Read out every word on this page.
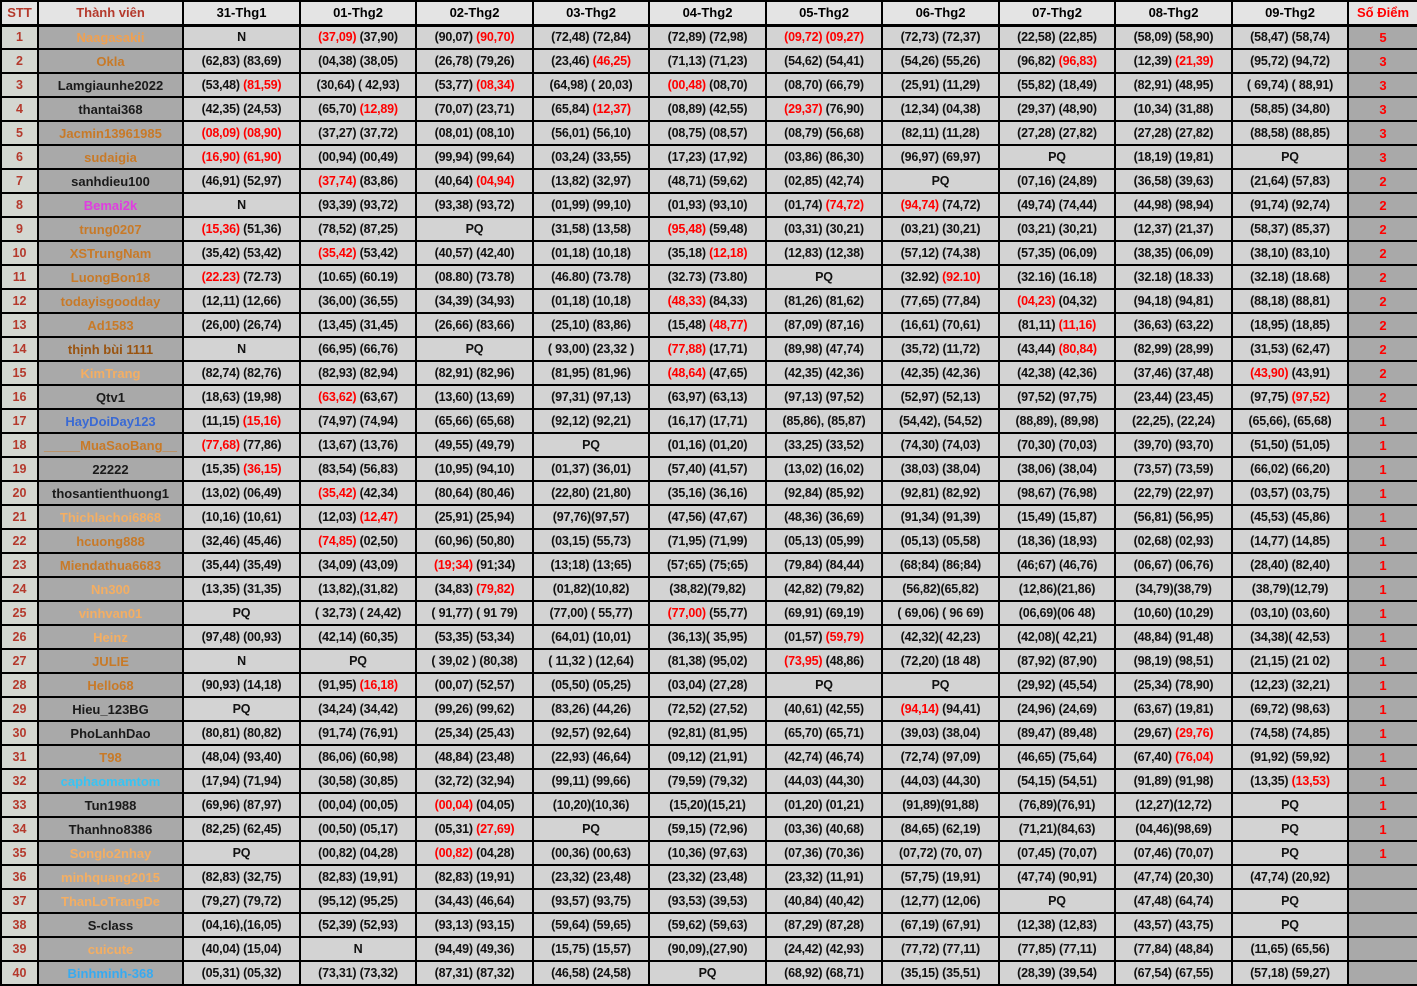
STT	Thành viên	31-Thg1	01-Thg2	02-Thg2	03-Thg2	04-Thg2	05-Thg2	06-Thg2	07-Thg2	08-Thg2	09-Thg2	Số Điểm
1	Naagasakii	N	(37,09) (37,90)	(90,07) (90,70)	(72,48) (72,84)	(72,89) (72,98)	(09,72) (09,27)	(72,73) (72,37)	(22,58) (22,85)	(58,09) (58,90)	(58,47) (58,74)	5
2	Okla	(62,83) (83,69)	(04,38) (38,05)	(26,78) (79,26)	(23,46) (46,25)	(71,13) (71,23)	(54,62) (54,41)	(54,26) (55,26)	(96,82) (96,83)	(12,39) (21,39)	(95,72) (94,72)	3
3	Lamgiaunhe2022	(53,48) (81,59)	(30,64) ( 42,93)	(53,77) (08,34)	(64,98) ( 20,03)	(00,48) (08,70)	(08,70) (66,79)	(25,91) (11,29)	(55,82) (18,49)	(82,91) (48,95)	( 69,74) ( 88,91)	3
4	thantai368	(42,35) (24,53)	(65,70) (12,89)	(70,07) (23,71)	(65,84) (12,37)	(08,89) (42,55)	(29,37) (76,90)	(12,34) (04,38)	(29,37) (48,90)	(10,34) (31,88)	(58,85) (34,80)	3
5	Jacmin13961985	(08,09) (08,90)	(37,27) (37,72)	(08,01) (08,10)	(56,01) (56,10)	(08,75) (08,57)	(08,79) (56,68)	(82,11) (11,28)	(27,28) (27,82)	(27,28) (27,82)	(88,58) (88,85)	3
6	sudaigia	(16,90) (61,90)	(00,94) (00,49)	(99,94) (99,64)	(03,24) (33,55)	(17,23) (17,92)	(03,86) (86,30)	(96,97) (69,97)	PQ	(18,19) (19,81)	PQ	3
7	sanhdieu100	(46,91) (52,97)	(37,74) (83,86)	(40,64) (04,94)	(13,82) (32,97)	(48,71) (59,62)	(02,85) (42,74)	PQ	(07,16) (24,89)	(36,58) (39,63)	(21,64) (57,83)	2
8	Bemai2k	N	(93,39) (93,72)	(93,38) (93,72)	(01,99) (99,10)	(01,93) (93,10)	(01,74) (74,72)	(94,74) (74,72)	(49,74) (74,44)	(44,98) (98,94)	(91,74) (92,74)	2
9	trung0207	(15,36) (51,36)	(78,52) (87,25)	PQ	(31,58) (13,58)	(95,48) (59,48)	(03,31) (30,21)	(03,21) (30,21)	(03,21) (30,21)	(12,37) (21,37)	(58,37) (85,37)	2
10	XSTrungNam	(35,42) (53,42)	(35,42) (53,42)	(40,57) (42,40)	(01,18) (10,18)	(35,18) (12,18)	(12,83) (12,38)	(57,12) (74,38)	(57,35) (06,09)	(38,35) (06,09)	(38,10) (83,10)	2
11	LuongBon18	(22.23) (72.73)	(10.65) (60.19)	(08.80) (73.78)	(46.80) (73.78)	(32.73) (73.80)	PQ	(32.92) (92.10)	(32.16) (16.18)	(32.18) (18.33)	(32.18) (18.68)	2
12	todayisgoodday	(12,11) (12,66)	(36,00) (36,55)	(34,39) (34,93)	(01,18) (10,18)	(48,33) (84,33)	(81,26) (81,62)	(77,65) (77,84)	(04,23) (04,32)	(94,18) (94,81)	(88,18) (88,81)	2
13	Ad1583	(26,00) (26,74)	(13,45) (31,45)	(26,66) (83,66)	(25,10) (83,86)	(15,48) (48,77)	(87,09) (87,16)	(16,61) (70,61)	(81,11) (11,16)	(36,63) (63,22)	(18,95) (18,85)	2
14	thịnh bùi 1111	N	(66,95) (66,76)	PQ	( 93,00) (23,32 )	(77,88) (17,71)	(89,98) (47,74)	(35,72) (11,72)	(43,44) (80,84)	(82,99) (28,99)	(31,53) (62,47)	2
15	KimTrang	(82,74) (82,76)	(82,93) (82,94)	(82,91) (82,96)	(81,95) (81,96)	(48,64) (47,65)	(42,35) (42,36)	(42,35) (42,36)	(42,38) (42,36)	(37,46) (37,48)	(43,90) (43,91)	2
16	Qtv1	(18,63) (19,98)	(63,62) (63,67)	(13,60) (13,69)	(97,31) (97,13)	(63,97) (63,13)	(97,13) (97,52)	(52,97) (52,13)	(97,52) (97,75)	(23,44) (23,45)	(97,75) (97,52)	2
17	HayDoiDay123	(11,15) (15,16)	(74,97) (74,94)	(65,66) (65,68)	(92,12) (92,21)	(16,17) (17,71)	(85,86), (85,87)	(54,42), (54,52)	(88,89), (89,98)	(22,25), (22,24)	(65,66), (65,68)	1
18	_____MuaSaoBang__	(77,68) (77,86)	(13,67) (13,76)	(49,55) (49,79)	PQ	(01,16) (01,20)	(33,25) (33,52)	(74,30) (74,03)	(70,30) (70,03)	(39,70) (93,70)	(51,50) (51,05)	1
19	22222	(15,35) (36,15)	(83,54) (56,83)	(10,95) (94,10)	(01,37) (36,01)	(57,40) (41,57)	(13,02) (16,02)	(38,03) (38,04)	(38,06) (38,04)	(73,57) (73,59)	(66,02) (66,20)	1
20	thosantienthuong1	(13,02) (06,49)	(35,42) (42,34)	(80,64) (80,46)	(22,80) (21,80)	(35,16) (36,16)	(92,84) (85,92)	(92,81) (82,92)	(98,67) (76,98)	(22,79) (22,97)	(03,57) (03,75)	1
21	Thichlachoi6868	(10,16) (10,61)	(12,03) (12,47)	(25,91) (25,94)	(97,76)(97,57)	(47,56) (47,67)	(48,36) (36,69)	(91,34) (91,39)	(15,49) (15,87)	(56,81) (56,95)	(45,53) (45,86)	1
22	hcuong888	(32,46) (45,46)	(74,85) (02,50)	(60,96) (50,80)	(03,15) (55,73)	(71,95) (71,99)	(05,13) (05,99)	(05,13) (05,58)	(18,36) (18,93)	(02,68) (02,93)	(14,77) (14,85)	1
23	Miendathua6683	(35,44) (35,49)	(34,09) (43,09)	(19;34) (91;34)	(13;18) (13;65)	(57;65) (75;65)	(79,84) (84,44)	(68;84) (86;84)	(46;67) (46,76)	(06,67) (06,76)	(28,40) (82,40)	1
24	Nn300	(13,35) (31,35)	(13,82),(31,82)	(34,83) (79,82)	(01,82)(10,82)	(38,82)(79,82)	(42,82) (79,82)	(56,82)(65,82)	(12,86)(21,86)	(34,79)(38,79)	(38,79)(12,79)	1
25	vinhvan01	PQ	( 32,73) ( 24,42)	( 91,77) ( 91 79)	(77,00) ( 55,77)	(77,00) (55,77)	(69,91) (69,19)	( 69,06) ( 96 69)	(06,69)(06 48)	(10,60) (10,29)	(03,10) (03,60)	1
26	Heinz	(97,48) (00,93)	(42,14) (60,35)	(53,35) (53,34)	(64,01) (10,01)	(36,13)( 35,95)	(01,57) (59,79)	(42,32)( 42,23)	(42,08)( 42,21)	(48,84) (91,48)	(34,38)( 42,53)	1
27	JULIE	N	PQ	( 39,02 ) (80,38)	( 11,32 ) (12,64)	(81,38) (95,02)	(73,95) (48,86)	(72,20) (18 48)	(87,92) (87,90)	(98,19) (98,51)	(21,15) (21 02)	1
28	Hello68	(90,93) (14,18)	(91,95) (16,18)	(00,07) (52,57)	(05,50) (05,25)	(03,04) (27,28)	PQ	PQ	(29,92) (45,54)	(25,34) (78,90)	(12,23) (32,21)	1
29	Hieu_123BG	PQ	(34,24) (34,42)	(99,26) (99,62)	(83,26) (44,26)	(72,52) (27,52)	(40,61) (42,55)	(94,14) (94,41)	(24,96) (24,69)	(63,67) (19,81)	(69,72) (98,63)	1
30	PhoLanhDao	(80,81) (80,82)	(91,74) (76,91)	(25,34) (25,43)	(92,57) (92,64)	(92,81) (81,95)	(65,70) (65,71)	(39,03) (38,04)	(89,47) (89,48)	(29,67) (29,76)	(74,58) (74,85)	1
31	T98	(48,04) (93,40)	(86,06) (60,98)	(48,84) (23,48)	(22,93) (46,64)	(09,12) (21,91)	(42,74) (46,74)	(72,74) (97,09)	(46,65) (75,64)	(67,40) (76,04)	(91,92) (59,92)	1
32	caphaomamtom	(17,94) (71,94)	(30,58) (30,85)	(32,72) (32,94)	(99,11) (99,66)	(79,59) (79,32)	(44,03) (44,30)	(44,03) (44,30)	(54,15) (54,51)	(91,89) (91,98)	(13,35) (13,53)	1
33	Tun1988	(69,96) (87,97)	(00,04) (00,05)	(00,04) (04,05)	(10,20)(10,36)	(15,20)(15,21)	(01,20) (01,21)	(91,89)(91,88)	(76,89)(76,91)	(12,27)(12,72)	PQ	1
34	Thanhno8386	(82,25) (62,45)	(00,50) (05,17)	(05,31) (27,69)	PQ	(59,15) (72,96)	(03,36) (40,68)	(84,65) (62,19)	(71,21)(84,63)	(04,46)(98,69)	PQ	1
35	Songlo2nhay	PQ	(00,82) (04,28)	(00,82) (04,28)	(00,36) (00,63)	(10,36) (97,63)	(07,36) (70,36)	(07,72) (70, 07)	(07,45) (70,07)	(07,46) (70,07)	PQ	1
36	minhquang2015	(82,83) (32,75)	(82,83) (19,91)	(82,83) (19,91)	(23,32) (23,48)	(23,32) (23,48)	(23,32) (11,91)	(57,75) (19,91)	(47,74) (90,91)	(47,74) (20,30)	(47,74) (20,92)	
37	ThanLoTrangDe	(79,27) (79,72)	(95,12) (95,25)	(34,43) (46,64)	(93,57) (93,75)	(93,53) (39,53)	(40,84) (40,42)	(12,77) (12,06)	PQ	(47,48) (64,74)	PQ	
38	S-class	(04,16),(16,05)	(52,39) (52,93)	(93,13) (93,15)	(59,64) (59,65)	(59,62) (59,63)	(87,29) (87,28)	(67,19) (67,91)	(12,38) (12,83)	(43,57) (43,75)	PQ	
39	cuicute	(40,04) (15,04)	N	(94,49) (49,36)	(15,75) (15,57)	(90,09),(27,90)	(24,42) (42,93)	(77,72) (77,11)	(77,85) (77,11)	(77,84) (48,84)	(11,65) (65,56)	
40	Binhminh-368	(05,31) (05,32)	(73,31) (73,32)	(87,31) (87,32)	(46,58) (24,58)	PQ	(68,92) (68,71)	(35,15) (35,51)	(28,39) (39,54)	(67,54) (67,55)	(57,18) (59,27)	
